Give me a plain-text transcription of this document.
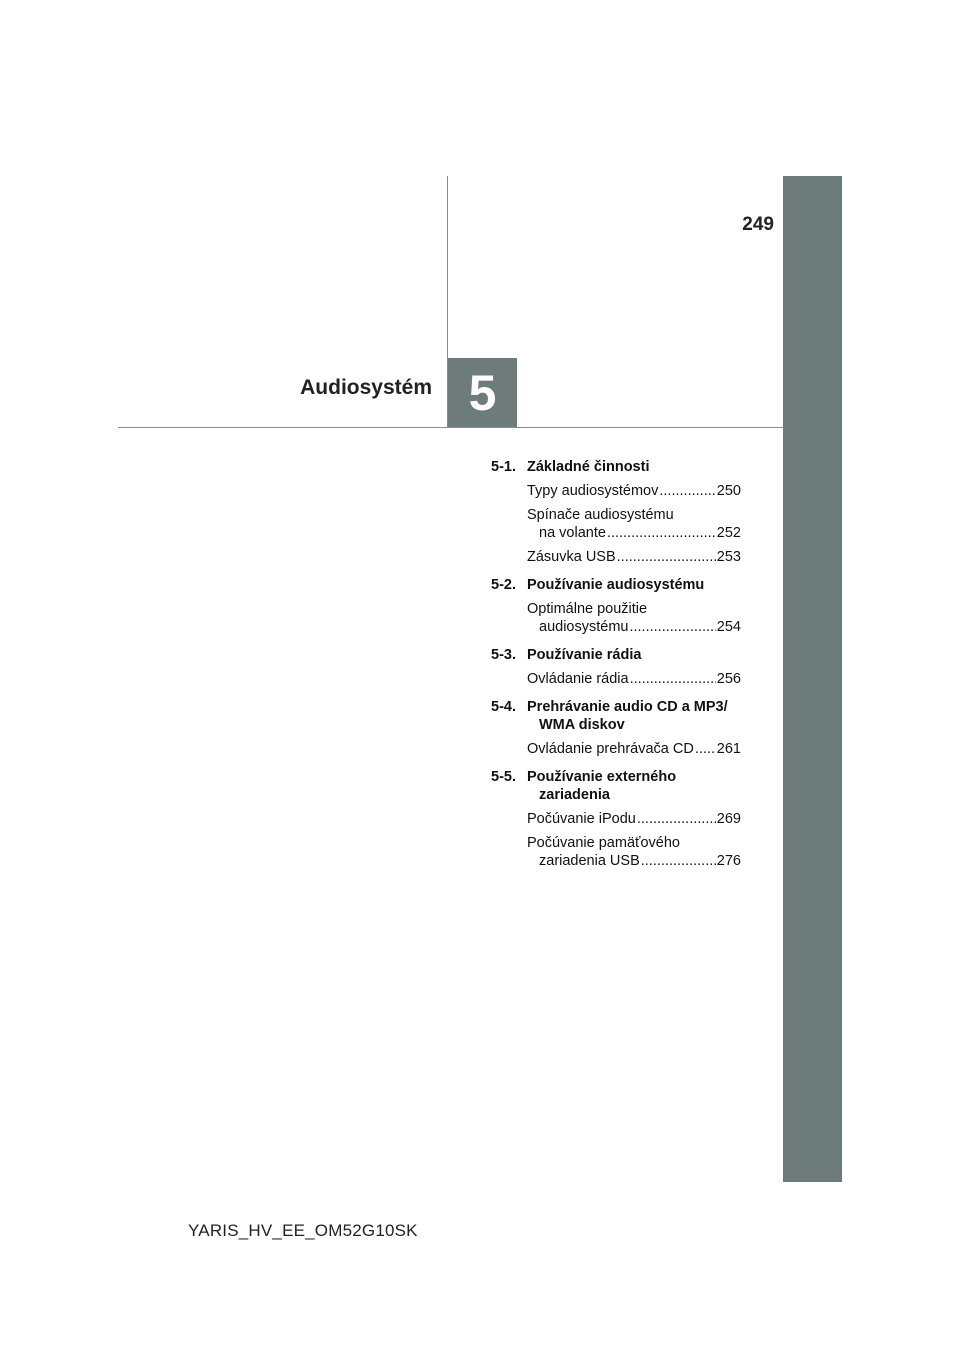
249
Audiosystém 5
5-1. Základné činnosti
Typy audiosystémov .....	250
Spínače audiosystému
na volante .....	252
Zásuvka USB .....	253
5-2. Používanie audiosystému
Optimálne použitie
audiosystému .....	254
5-3. Používanie rádia
Ovládanie rádia .....	256
5-4. Prehrávanie audio CD a MP3/
WMA diskov
Ovládanie prehrávača CD ..... 261
5-5. Používanie externého
zariadenia
Počúvanie iPodu .....	269
Počúvanie pamäťového
zariadenia USB .....	276
YARIS_HV_EE_OM52G10SK
